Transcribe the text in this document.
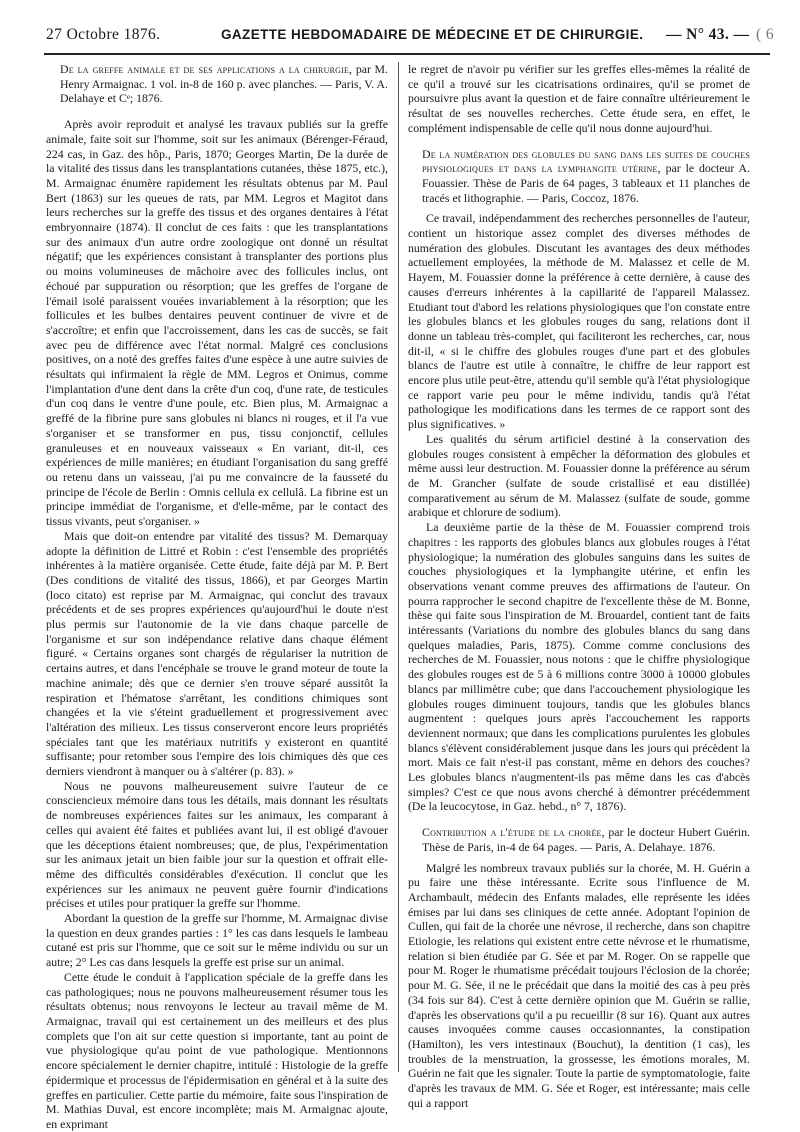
27 Octobre 1876.	GAZETTE HEBDOMADAIRE DE MÉDECINE ET DE CHIRURGIE. — N° 43. — ( 6

De la greffe animale et de ses applications a la chirurgie, par M. Henry Armaignac. 1 vol. in-8 de 160 p. avec planches. — Paris, V. A. Delahaye et Cᵉ; 1876.

Après avoir reproduit et analysé les travaux publiés sur la greffe animale, faite soit sur l'homme, soit sur les animaux (Bérenger-Féraud, 224 cas, in Gaz. des hôp., Paris, 1870; Georges Martin, De la durée de la vitalité des tissus dans les transplantations cutanées, thèse 1875, etc.), M. Armaignac énumère rapidement les résultats obtenus par M. Paul Bert (1863) sur les queues de rats, par MM. Legros et Magitot dans leurs recherches sur la greffe des tissus et des organes dentaires à l'état embryonnaire (1874). Il conclut de ces faits : que les transplantations sur des animaux d'un autre ordre zoologique ont donné un résultat négatif; que les expériences consistant à transplanter des portions plus ou moins volumineuses de mâchoire avec des follicules inclus, ont échoué par suppuration ou résorption; que les greffes de l'organe de l'émail isolé paraissent vouées invariablement à la résorption; que les follicules et les bulbes dentaires peuvent continuer de vivre et de s'accroître; et enfin que l'accroissement, dans les cas de succès, se fait avec peu de différence avec l'état normal. Malgré ces conclusions positives, on a noté des greffes faites d'une espèce à une autre suivies de résultats qui infirmaient la règle de MM. Legros et Onimus, comme l'implantation d'une dent dans la crête d'un coq, d'une rate, de testicules d'un coq dans le ventre d'une poule, etc. Bien plus, M. Armaignac a greffé de la fibrine pure sans globules ni blancs ni rouges, et il l'a vue s'organiser et se transformer en pus, tissu conjonctif, cellules granuleuses et en nouveaux vaisseaux « En variant, dit-il, ces expériences de mille manières; en étudiant l'organisation du sang greffé ou retenu dans un vaisseau, j'ai pu me convaincre de la fausseté du principe de l'école de Berlin : Omnis cellula ex cellulâ. La fibrine est un principe immédiat de l'organisme, et d'elle-même, par le contact des tissus vivants, peut s'organiser. »

Mais que doit-on entendre par vitalité des tissus? M. Demarquay adopte la définition de Littré et Robin : c'est l'ensemble des propriétés inhérentes à la matière organisée. Cette étude, faite déjà par M. P. Bert (Des conditions de vitalité des tissus, 1866), et par Georges Martin (loco citato) est reprise par M. Armaignac, qui conclut des travaux précédents et de ses propres expériences qu'aujourd'hui le doute n'est plus permis sur l'autonomie de la vie dans chaque parcelle de l'organisme et sur son indépendance relative dans chaque élément figuré. « Certains organes sont chargés de régulariser la nutrition de certains autres, et dans l'encéphale se trouve le grand moteur de toute la machine animale; dès que ce dernier s'en trouve séparé aussitôt la respiration et l'hématose s'arrêtant, les conditions chimiques sont changées et la vie s'éteint graduellement et progressivement avec l'altération des milieux. Les tissus conserveront encore leurs propriétés spéciales tant que les matériaux nutritifs y existeront en quantité suffisante; pour retomber sous l'empire des lois chimiques dès que ces derniers viendront à manquer ou à s'altérer (p. 83). »

Nous ne pouvons malheureusement suivre l'auteur de ce consciencieux mémoire dans tous les détails, mais donnant les résultats de nombreuses expériences faites sur les animaux, les comparant à celles qui avaient été faites et publiées avant lui, il est obligé d'avouer que les déceptions étaient nombreuses; que, de plus, l'expérimentation sur les animaux jetait un bien faible jour sur la question et offrait elle-même des difficultés considérables d'exécution. Il conclut que les expériences sur les animaux ne peuvent guère fournir d'indications précises et utiles pour pratiquer la greffe sur l'homme.

Abordant la question de la greffe sur l'homme, M. Armaignac divise la question en deux grandes parties : 1° les cas dans lesquels le lambeau cutané est pris sur l'homme, que ce soit sur le même individu ou sur un autre; 2° Les cas dans lesquels la greffe est prise sur un animal.

Cette étude le conduit à l'application spéciale de la greffe dans les cas pathologiques; nous ne pouvons malheureusement résumer tous les résultats obtenus; nous renvoyons le lecteur au travail même de M. Armaignac, travail qui est certainement un des meilleurs et des plus complets que l'on ait sur cette question si importante, tant au point de vue physiologique qu'au point de vue pathologique. Mentionnons encore spécialement le dernier chapitre, intitulé : Histologie de la greffe épidermique et processus de l'épidermisation en général et à la suite des greffes en particulier. Cette partie du mémoire, faite sous l'inspiration de M. Mathias Duval, est encore incomplète; mais M. Armaignac ajoute, en exprimant

le regret de n'avoir pu vérifier sur les greffes elles-mêmes la réalité de ce qu'il a trouvé sur les cicatrisations ordinaires, qu'il se promet de poursuivre plus avant la question et de faire connaître ultérieurement le résultat de ses nouvelles recherches. Cette étude sera, en effet, le complément indispensable de celle qu'il nous donne aujourd'hui.

De la numération des globules du sang dans les suites de couches physiologiques et dans la lymphangite utérine, par le docteur A. Fouassier. Thèse de Paris de 64 pages, 3 tableaux et 11 planches de tracés et lithographie. — Paris, Coccoz, 1876.

Ce travail, indépendamment des recherches personnelles de l'auteur, contient un historique assez complet des diverses méthodes de numération des globules. Discutant les avantages des deux méthodes actuellement employées, la méthode de M. Malassez et celle de M. Hayem, M. Fouassier donne la préférence à cette dernière, à cause des causes d'erreurs inhérentes à la capillarité de l'appareil Malassez. Etudiant tout d'abord les relations physiologiques que l'on constate entre les globules blancs et les globules rouges du sang, relations dont il donne un tableau très-complet, qui faciliteront les recherches, car, nous dit-il, « si le chiffre des globules rouges d'une part et des globules blancs de l'autre est utile à connaître, le chiffre de leur rapport est encore plus utile peut-être, attendu qu'il semble qu'à l'état physiologique ce rapport varie peu pour le même individu, tandis qu'à l'état pathologique les modifications dans les termes de ce rapport sont des plus significatives. »

Les qualités du sérum artificiel destiné à la conservation des globules rouges consistent à empêcher la déformation des globules et même aussi leur destruction. M. Fouassier donne la préférence au sérum de M. Grancher (sulfate de soude cristallisé et eau distillée) comparativement au sérum de M. Malassez (sulfate de soude, gomme arabique et chlorure de sodium).

La deuxième partie de la thèse de M. Fouassier comprend trois chapitres : les rapports des globules blancs aux globules rouges à l'état physiologique; la numération des globules sanguins dans les suites de couches physiologiques et la lymphangite utérine, et enfin les observations venant comme preuves des affirmations de l'auteur. On pourra rapprocher le second chapitre de l'excellente thèse de M. Bonne, thèse qui faite sous l'inspiration de M. Brouardel, contient tant de faits intéressants (Variations du nombre des globules blancs du sang dans quelques maladies, Paris, 1875). Comme comme conclusions des recherches de M. Fouassier, nous notons : que le chiffre physiologique des globules rouges est de 5 à 6 millions contre 3000 à 10000 globules blancs par millimètre cube; que dans l'accouchement physiologique les globules rouges diminuent toujours, tandis que les globules blancs augmentent : quelques jours après l'accouchement les rapports deviennent normaux; que dans les complications purulentes les globules blancs s'élèvent considérablement jusque dans les jours qui précèdent la mort. Mais ce fait n'est-il pas constant, même en dehors des couches? Les globules blancs n'augmentent-ils pas même dans les cas d'abcès simples? C'est ce que nous avons cherché à démontrer précédemment (De la leucocytose, in Gaz. hebd., n° 7, 1876).

Contribution a l'étude de la chorée, par le docteur Hubert Guérin. Thèse de Paris, in-4 de 64 pages. — Paris, A. Delahaye. 1876.

Malgré les nombreux travaux publiés sur la chorée, M. H. Guérin a pu faire une thèse intéressante. Ecrite sous l'influence de M. Archambault, médecin des Enfants malades, elle représente les idées émises par lui dans ses cliniques de cette année. Adoptant l'opinion de Cullen, qui fait de la chorée une névrose, il recherche, dans son chapitre Etiologie, les relations qui existent entre cette névrose et le rhumatisme, relation si bien étudiée par G. Sée et par M. Roger. On se rappelle que pour M. Roger le rhumatisme précédait toujours l'éclosion de la chorée; pour M. G. Sée, il ne le précédait que dans la moitié des cas à peu près (34 fois sur 84). C'est à cette dernière opinion que M. Guérin se rallie, d'après les observations qu'il a pu recueillir (8 sur 16). Quant aux autres causes invoquées comme causes occasionnantes, la constipation (Hamilton), les vers intestinaux (Bouchut), la dentition (1 cas), les troubles de la menstruation, la grossesse, les émotions morales, M. Guérin ne fait que les signaler. Toute la partie de symptomatologie, faite d'après les travaux de MM. G. Sée et Roger, est intéressante; mais celle qui a rapport
